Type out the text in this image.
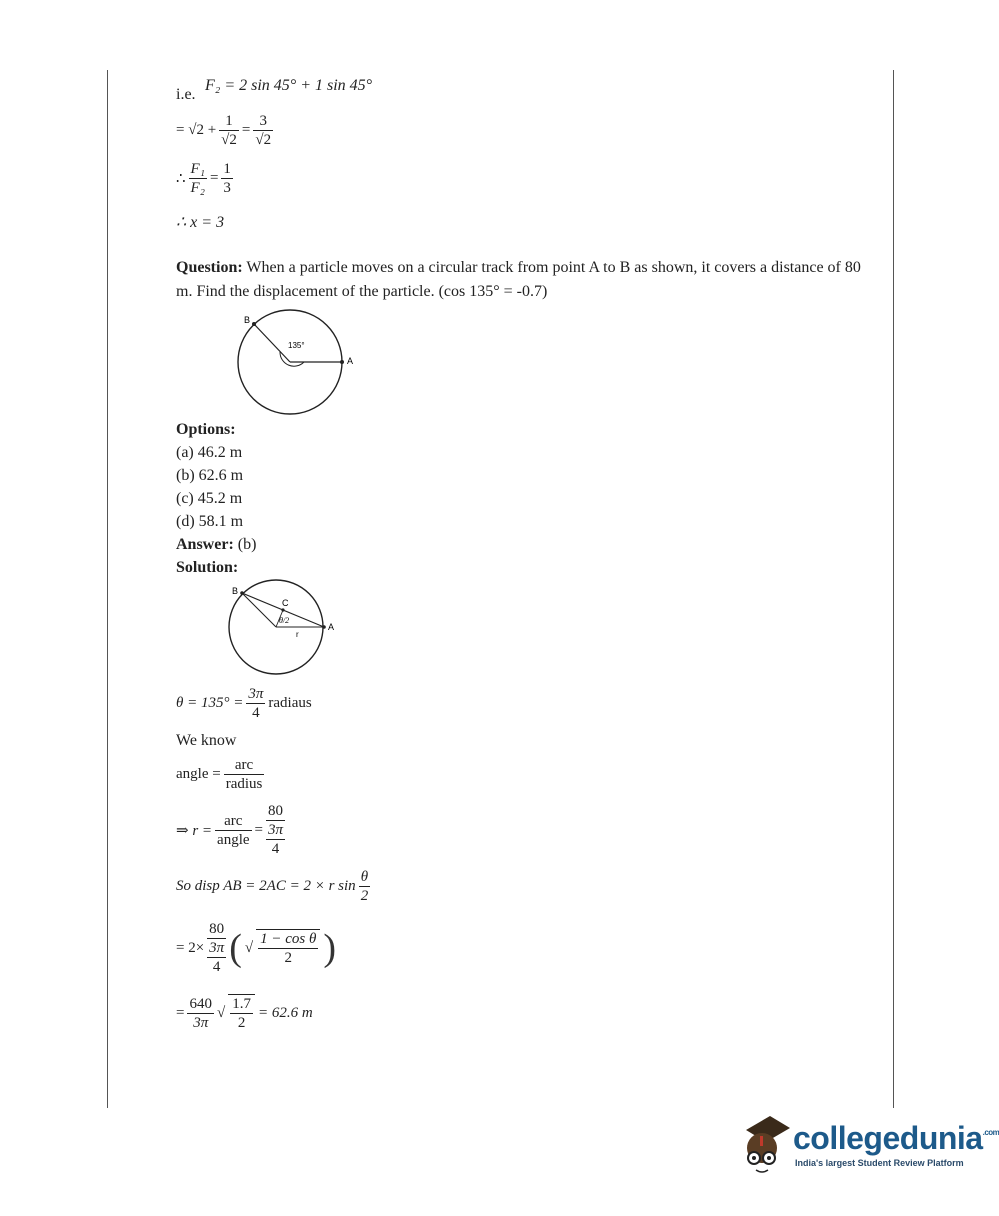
i.e.
F₂ = 2 sin 45° + 1 sin 45°
= $√2 + \frac{1}{√2} = \frac{3}{√2}$
∴ $\frac{\text{F₁}}{\text{F₂}} = \frac{1}{3}$
∴ x = 3
Question: When a particle moves on a circular track from point A to B as shown, it covers a distance of 80 m. Find the displacement of the particle. (cos 135° = -0.7)
B
A
135°
Options:
(a) 46.2 m
(b) 62.6 m
(c) 45.2 m
(d) 58.1 m
Answer: (b)
Solution:
B
C
A
θ/2
r
$\theta = 135^\circ = \frac{3\pi}{4}$ radiaus
We know
angle = $\frac{\text{arc}}{\text{radius}}$
⇒ $r = \frac{\text{arc}}{\text{angle}}$ =
80
3π
4
So disp AB = 2AC = 2 × r $\sin \frac{\theta}{2}$
= 2×
80
3π
4 ( √ $\frac{\text{1 − cos θ}}{2}$ )
= $\frac{640}{3\pi}$ √ $\frac{1.7}{2} = 62.6$ m
collegedunia$^{.com}$
India's largest Student Review Platform
